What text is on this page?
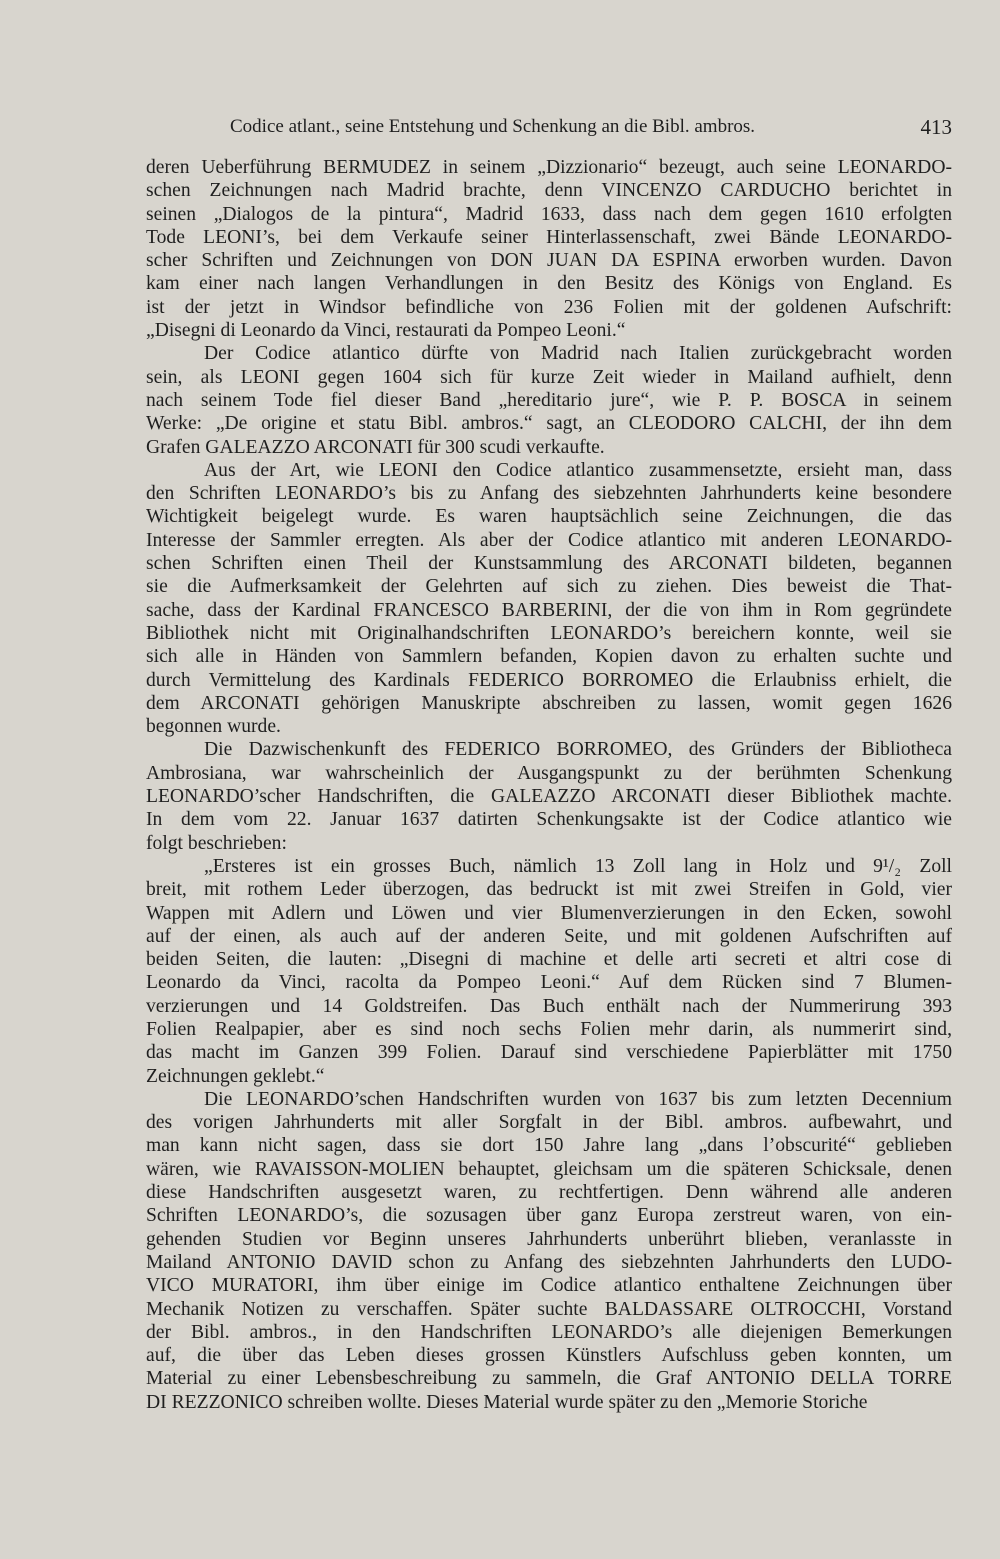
Codice atlant., seine Entstehung und Schenkung an die Bibl. ambros.	413
deren Ueberführung BERMUDEZ in seinem „Dizzionario“ bezeugt, auch seine LEONARDO-
schen Zeichnungen nach Madrid brachte, denn VINCENZO CARDUCHO berichtet in
seinen „Dialogos de la pintura“, Madrid 1633, dass nach dem gegen 1610 erfolgten
Tode LEONI’s, bei dem Verkaufe seiner Hinterlassenschaft, zwei Bände LEONARDO-
scher Schriften und Zeichnungen von DON JUAN DA ESPINA erworben wurden. Davon
kam einer nach langen Verhandlungen in den Besitz des Königs von England. Es
ist der jetzt in Windsor befindliche von 236 Folien mit der goldenen Aufschrift:
„Disegni di Leonardo da Vinci, restaurati da Pompeo Leoni.“
Der Codice atlantico dürfte von Madrid nach Italien zurückgebracht worden
sein, als LEONI gegen 1604 sich für kurze Zeit wieder in Mailand aufhielt, denn
nach seinem Tode fiel dieser Band „hereditario jure“, wie P. P. BOSCA in seinem
Werke: „De origine et statu Bibl. ambros.“ sagt, an CLEODORO CALCHI, der ihn dem
Grafen GALEAZZO ARCONATI für 300 scudi verkaufte.
Aus der Art, wie LEONI den Codice atlantico zusammensetzte, ersieht man, dass
den Schriften LEONARDO’s bis zu Anfang des siebzehnten Jahrhunderts keine besondere
Wichtigkeit beigelegt wurde. Es waren hauptsächlich seine Zeichnungen, die das
Interesse der Sammler erregten. Als aber der Codice atlantico mit anderen LEONARDO-
schen Schriften einen Theil der Kunstsammlung des ARCONATI bildeten, begannen
sie die Aufmerksamkeit der Gelehrten auf sich zu ziehen. Dies beweist die That-
sache, dass der Kardinal FRANCESCO BARBERINI, der die von ihm in Rom gegründete
Bibliothek nicht mit Originalhandschriften LEONARDO’s bereichern konnte, weil sie
sich alle in Händen von Sammlern befanden, Kopien davon zu erhalten suchte und
durch Vermittelung des Kardinals FEDERICO BORROMEO die Erlaubniss erhielt, die
dem ARCONATI gehörigen Manuskripte abschreiben zu lassen, womit gegen 1626
begonnen wurde.
Die Dazwischenkunft des FEDERICO BORROMEO, des Gründers der Bibliotheca
Ambrosiana, war wahrscheinlich der Ausgangspunkt zu der berühmten Schenkung
LEONARDO’scher Handschriften, die GALEAZZO ARCONATI dieser Bibliothek machte.
In dem vom 22. Januar 1637 datirten Schenkungsakte ist der Codice atlantico wie
folgt beschrieben:
„Ersteres ist ein grosses Buch, nämlich 13 Zoll lang in Holz und 9¹/₂ Zoll
breit, mit rothem Leder überzogen, das bedruckt ist mit zwei Streifen in Gold, vier
Wappen mit Adlern und Löwen und vier Blumenverzierungen in den Ecken, sowohl
auf der einen, als auch auf der anderen Seite, und mit goldenen Aufschriften auf
beiden Seiten, die lauten: „Disegni di machine et delle arti secreti et altri cose di
Leonardo da Vinci, racolta da Pompeo Leoni.“ Auf dem Rücken sind 7 Blumen-
verzierungen und 14 Goldstreifen. Das Buch enthält nach der Nummerirung 393
Folien Realpapier, aber es sind noch sechs Folien mehr darin, als nummerirt sind,
das macht im Ganzen 399 Folien. Darauf sind verschiedene Papierblätter mit 1750
Zeichnungen geklebt.“
Die LEONARDO’schen Handschriften wurden von 1637 bis zum letzten Decennium
des vorigen Jahrhunderts mit aller Sorgfalt in der Bibl. ambros. aufbewahrt, und
man kann nicht sagen, dass sie dort 150 Jahre lang „dans l’obscurité“ geblieben
wären, wie RAVAISSON-MOLIEN behauptet, gleichsam um die späteren Schicksale, denen
diese Handschriften ausgesetzt waren, zu rechtfertigen. Denn während alle anderen
Schriften LEONARDO’s, die sozusagen über ganz Europa zerstreut waren, von ein-
gehenden Studien vor Beginn unseres Jahrhunderts unberührt blieben, veranlasste in
Mailand ANTONIO DAVID schon zu Anfang des siebzehnten Jahrhunderts den LUDO-
VICO MURATORI, ihm über einige im Codice atlantico enthaltene Zeichnungen über
Mechanik Notizen zu verschaffen. Später suchte BALDASSARE OLTROCCHI, Vorstand
der Bibl. ambros., in den Handschriften LEONARDO’s alle diejenigen Bemerkungen
auf, die über das Leben dieses grossen Künstlers Aufschluss geben konnten, um
Material zu einer Lebensbeschreibung zu sammeln, die Graf ANTONIO DELLA TORRE
DI REZZONICO schreiben wollte. Dieses Material wurde später zu den „Memorie Storiche
